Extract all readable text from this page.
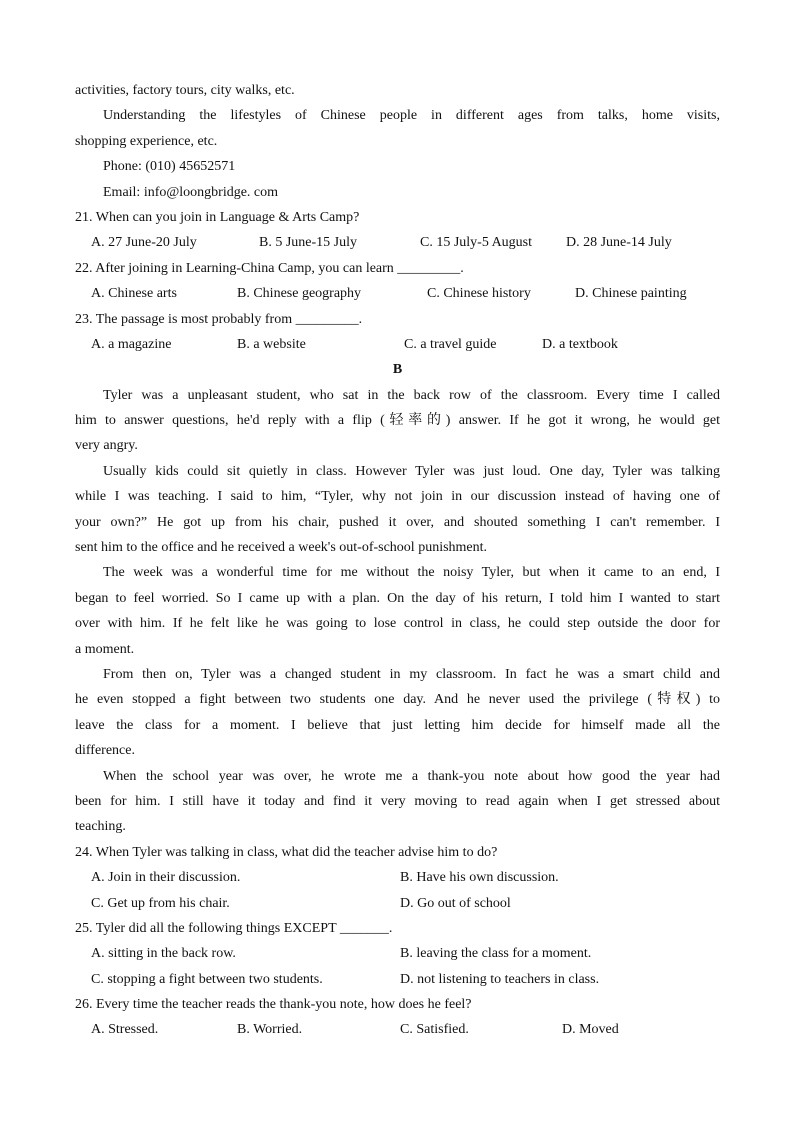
activities, factory tours, city walks, etc.
Understanding the lifestyles of Chinese people in different ages from talks, home visits,
shopping experience, etc.
Phone: (010) 45652571
Email: info@loongbridge. com
21. When can you join in Language & Arts Camp?
A. 27 June-20 July	B. 5 June-15 July	C. 15 July-5 August	D. 28 June-14 July
22. After joining in Learning-China Camp, you can learn _________.
A. Chinese arts	B. Chinese geography	C. Chinese history	D. Chinese painting
23. The passage is most probably from _________.
A. a magazine	B. a website	C. a travel guide	D. a textbook
B
Tyler was a unpleasant student, who sat in the back row of the classroom. Every time I called
him to answer questions, he'd reply with a flip (轻率的) answer. If he got it wrong, he would get
very angry.
Usually kids could sit quietly in class. However Tyler was just loud. One day, Tyler was talking
while I was teaching. I said to him, “Tyler, why not join in our discussion instead of having one of
your own?” He got up from his chair, pushed it over, and shouted something I can't remember. I
sent him to the office and he received a week's out-of-school punishment.
The week was a wonderful time for me without the noisy Tyler, but when it came to an end, I
began to feel worried. So I came up with a plan. On the day of his return, I told him I wanted to start
over with him. If he felt like he was going to lose control in class, he could step outside the door for
a moment.
From then on, Tyler was a changed student in my classroom. In fact he was a smart child and
he even stopped a fight between two students one day. And he never used the privilege (特权) to
leave the class for a moment. I believe that just letting him decide for himself made all the
difference.
When the school year was over, he wrote me a thank-you note about how good the year had
been for him. I still have it today and find it very moving to read again when I get stressed about
teaching.
24. When Tyler was talking in class, what did the teacher advise him to do?
A. Join in their discussion.	B. Have his own discussion.
C. Get up from his chair.	D. Go out of school
25. Tyler did all the following things EXCEPT _______.
A. sitting in the back row.	B. leaving the class for a moment.
C. stopping a fight between two students.	D. not listening to teachers in class.
26. Every time the teacher reads the thank-you note, how does he feel?
A. Stressed.	B. Worried.	C. Satisfied.	D. Moved
